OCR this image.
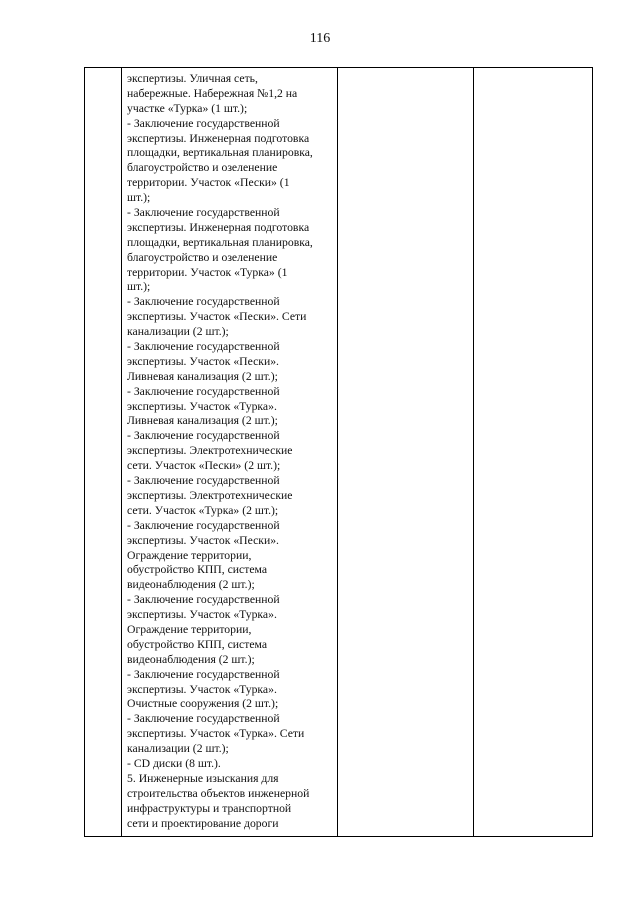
116
экспертизы. Уличная сеть,
набережные. Набережная №1,2 на
участке «Турка» (1 шт.);
- Заключение государственной
экспертизы. Инженерная подготовка
площадки, вертикальная планировка,
благоустройство и озеленение
территории. Участок «Пески» (1
шт.);
- Заключение государственной
экспертизы. Инженерная подготовка
площадки, вертикальная планировка,
благоустройство и озеленение
территории. Участок «Турка» (1
шт.);
- Заключение государственной
экспертизы. Участок «Пески». Сети
канализации (2 шт.);
- Заключение государственной
экспертизы. Участок «Пески».
Ливневая канализация (2 шт.);
- Заключение государственной
экспертизы. Участок «Турка».
Ливневая канализация (2 шт.);
- Заключение государственной
экспертизы. Электротехнические
сети. Участок «Пески» (2 шт.);
- Заключение государственной
экспертизы. Электротехнические
сети. Участок «Турка» (2 шт.);
- Заключение государственной
экспертизы. Участок «Пески».
Ограждение территории,
обустройство КПП, система
видеонаблюдения (2 шт.);
- Заключение государственной
экспертизы. Участок «Турка».
Ограждение территории,
обустройство КПП, система
видеонаблюдения (2 шт.);
- Заключение государственной
экспертизы. Участок «Турка».
Очистные сооружения (2 шт.);
- Заключение государственной
экспертизы. Участок «Турка». Сети
канализации (2 шт.);
- CD диски (8 шт.).
5. Инженерные изыскания для
строительства объектов инженерной
инфраструктуры и транспортной
сети и проектирование дороги
